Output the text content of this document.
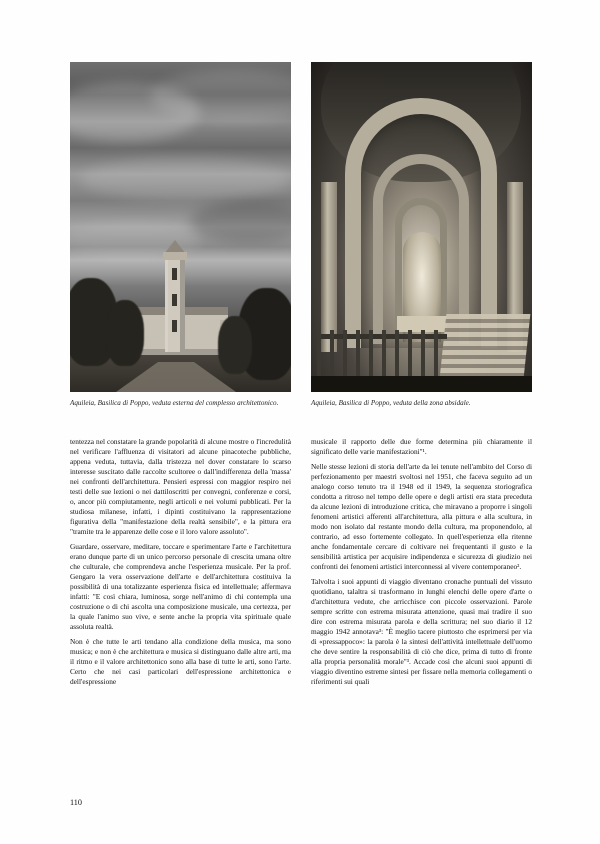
Aquileia, Basilica di Poppo, veduta esterna del complesso architettonico.	Aquileia, Basilica di Poppo, veduta della zona absidale.

tentezza nel constatare la grande popolarità di alcune mostre o l'incredulità nel verificare l'affluenza di visitatori ad alcune pinacoteche pubbliche, appena veduta, tuttavia, dalla tristezza nel dover constatare lo scarso interesse suscitato dalle raccolte scultoree o dall'indifferenza della 'massa' nei confronti dell'architettura. Pensieri espressi con maggior respiro nei testi delle sue lezioni o nei dattiloscritti per convegni, conferenze e corsi, o, ancor più compiutamente, negli articoli e nei volumi pubblicati. Per la studiosa milanese, infatti, i dipinti costituivano la rappresentazione figurativa della "manifestazione della realtà sensibile", e la pittura era "tramite tra le apparenze delle cose e il loro valore assoluto".

Guardare, osservare, meditare, toccare e sperimentare l'arte e l'architettura erano dunque parte di un unico percorso personale di crescita umana oltre che culturale, che comprendeva anche l'esperienza musicale. Per la prof. Gengaro la vera osservazione dell'arte e dell'architettura costituiva la possibilità di una totalizzante esperienza fisica ed intellettuale; affermava infatti: "E così chiara, luminosa, sorge nell'animo di chi contempla una costruzione o di chi ascolta una composizione musicale, una certezza, per la quale l'animo suo vive, e sente anche la propria vita spirituale quale assoluta realtà.

Non è che tutte le arti tendano alla condizione della musica, ma sono musica; e non è che architettura e musica si distinguano dalle altre arti, ma il ritmo e il valore architettonico sono alla base di tutte le arti, sono l'arte. Certo che nei casi particolari dell'espressione architettonica e dell'espressione

musicale il rapporto delle due forme determina più chiaramente il significato delle varie manifestazioni"¹.

Nelle stesse lezioni di storia dell'arte da lei tenute nell'ambito del Corso di perfezionamento per maestri svoltosi nel 1951, che faceva seguito ad un analogo corso tenuto tra il 1948 ed il 1949, la sequenza storiografica condotta a ritroso nel tempo delle opere e degli artisti era stata preceduta da alcune lezioni di introduzione critica, che miravano a proporre i singoli fenomeni artistici afferenti all'architettura, alla pittura e alla scultura, in modo non isolato dal restante mondo della cultura, ma proponendolo, al contrario, ad esso fortemente collegato. In quell'esperienza ella ritenne anche fondamentale cercare di coltivare nei frequentanti il gusto e la sensibilità artistica per acquisire indipendenza e sicurezza di giudizio nei confronti dei fenomeni artistici interconnessi al vivere contemporaneo².

Talvolta i suoi appunti di viaggio diventano cronache puntuali del vissuto quotidiano, talaltra si trasformano in lunghi elenchi delle opere d'arte o d'architettura vedute, che arricchisce con piccole osservazioni. Parole sempre scritte con estrema misurata attenzione, quasi mai tradire il suo dire con estrema misurata parola e della scrittura; nel suo diario il 12 maggio 1942 annotava³: "È meglio tacere piuttosto che esprimersi per via di «pressappoco»: la parola è la sintesi dell'attività intellettuale dell'uomo che deve sentire la responsabilità di ciò che dice, prima di tutto di fronte alla propria personalità morale"³. Accade così che alcuni suoi appunti di viaggio diventino estreme sintesi per fissare nella memoria collegamenti o riferimenti sui quali

110
